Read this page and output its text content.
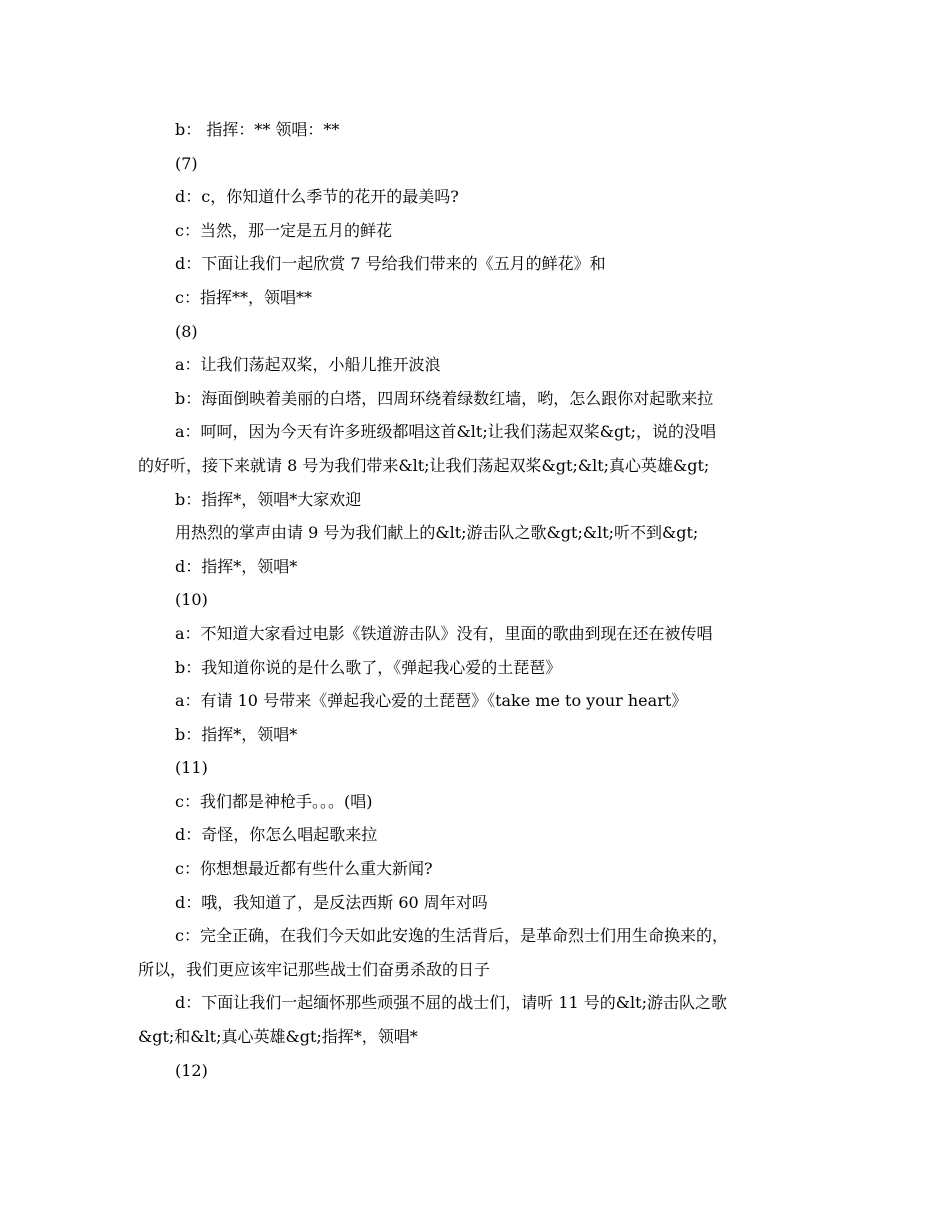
b： 指挥：** 领唱：**
(7)
d：c，你知道什么季节的花开的最美吗?
c：当然，那一定是五月的鲜花
d：下面让我们一起欣赏 7 号给我们带来的《五月的鲜花》和
c：指挥**，领唱**
(8)
a：让我们荡起双桨，小船儿推开波浪
b：海面倒映着美丽的白塔，四周环绕着绿数红墙，哟，怎么跟你对起歌来拉
a：呵呵，因为今天有许多班级都唱这首&lt;让我们荡起双桨&gt;，说的没唱
的好听，接下来就请 8 号为我们带来&lt;让我们荡起双桨&gt;&lt;真心英雄&gt;
b：指挥*，领唱*大家欢迎
用热烈的掌声由请 9 号为我们献上的&lt;游击队之歌&gt;&lt;听不到&gt;
d：指挥*，领唱*
(10)
a：不知道大家看过电影《铁道游击队》没有，里面的歌曲到现在还在被传唱
b：我知道你说的是什么歌了，《弹起我心爱的土琵琶》
a：有请 10 号带来《弹起我心爱的土琵琶》《take me to your heart》
b：指挥*，领唱*
(11)
c：我们都是神枪手。。。(唱)
d：奇怪，你怎么唱起歌来拉
c：你想想最近都有些什么重大新闻?
d：哦，我知道了，是反法西斯 60 周年对吗
c：完全正确，在我们今天如此安逸的生活背后，是革命烈士们用生命换来的，
所以，我们更应该牢记那些战士们奋勇杀敌的日子
d：下面让我们一起缅怀那些顽强不屈的战士们，请听 11 号的&lt;游击队之歌
&gt;和&lt;真心英雄&gt;指挥*，领唱*
(12)
